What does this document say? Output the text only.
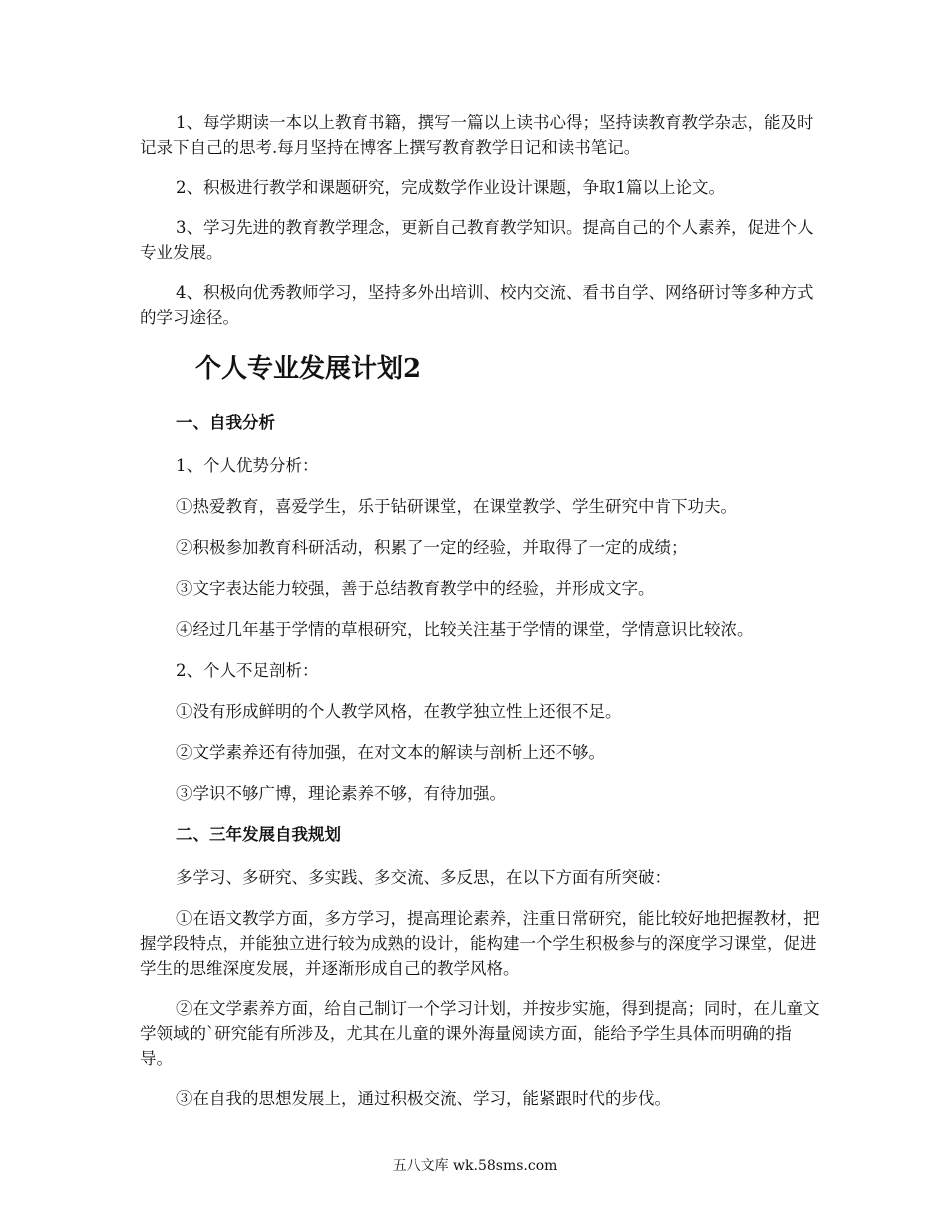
1、每学期读一本以上教育书籍，撰写一篇以上读书心得；坚持读教育教学杂志，能及时记录下自己的思考.每月坚持在博客上撰写教育教学日记和读书笔记。

2、积极进行教学和课题研究，完成数学作业设计课题，争取1篇以上论文。

3、学习先进的教育教学理念，更新自己教育教学知识。提高自己的个人素养，促进个人专业发展。

4、积极向优秀教师学习，坚持多外出培训、校内交流、看书自学、网络研讨等多种方式的学习途径。

个人专业发展计划2
一、自我分析
1、个人优势分析：
①热爱教育，喜爱学生，乐于钻研课堂，在课堂教学、学生研究中肯下功夫。
②积极参加教育科研活动，积累了一定的经验，并取得了一定的成绩；
③文字表达能力较强，善于总结教育教学中的经验，并形成文字。
④经过几年基于学情的草根研究，比较关注基于学情的课堂，学情意识比较浓。
2、个人不足剖析：
①没有形成鲜明的个人教学风格，在教学独立性上还很不足。
②文学素养还有待加强，在对文本的解读与剖析上还不够。
③学识不够广博，理论素养不够，有待加强。
二、三年发展自我规划
多学习、多研究、多实践、多交流、多反思，在以下方面有所突破：

①在语文教学方面，多方学习，提高理论素养，注重日常研究，能比较好地把握教材，把握学段特点，并能独立进行较为成熟的设计，能构建一个学生积极参与的深度学习课堂，促进学生的思维深度发展，并逐渐形成自己的教学风格。

②在文学素养方面，给自己制订一个学习计划，并按步实施，得到提高；同时，在儿童文学领域的`研究能有所涉及，尤其在儿童的课外海量阅读方面，能给予学生具体而明确的指导。

③在自我的思想发展上，通过积极交流、学习，能紧跟时代的步伐。

五八文库 wk.58sms.com
